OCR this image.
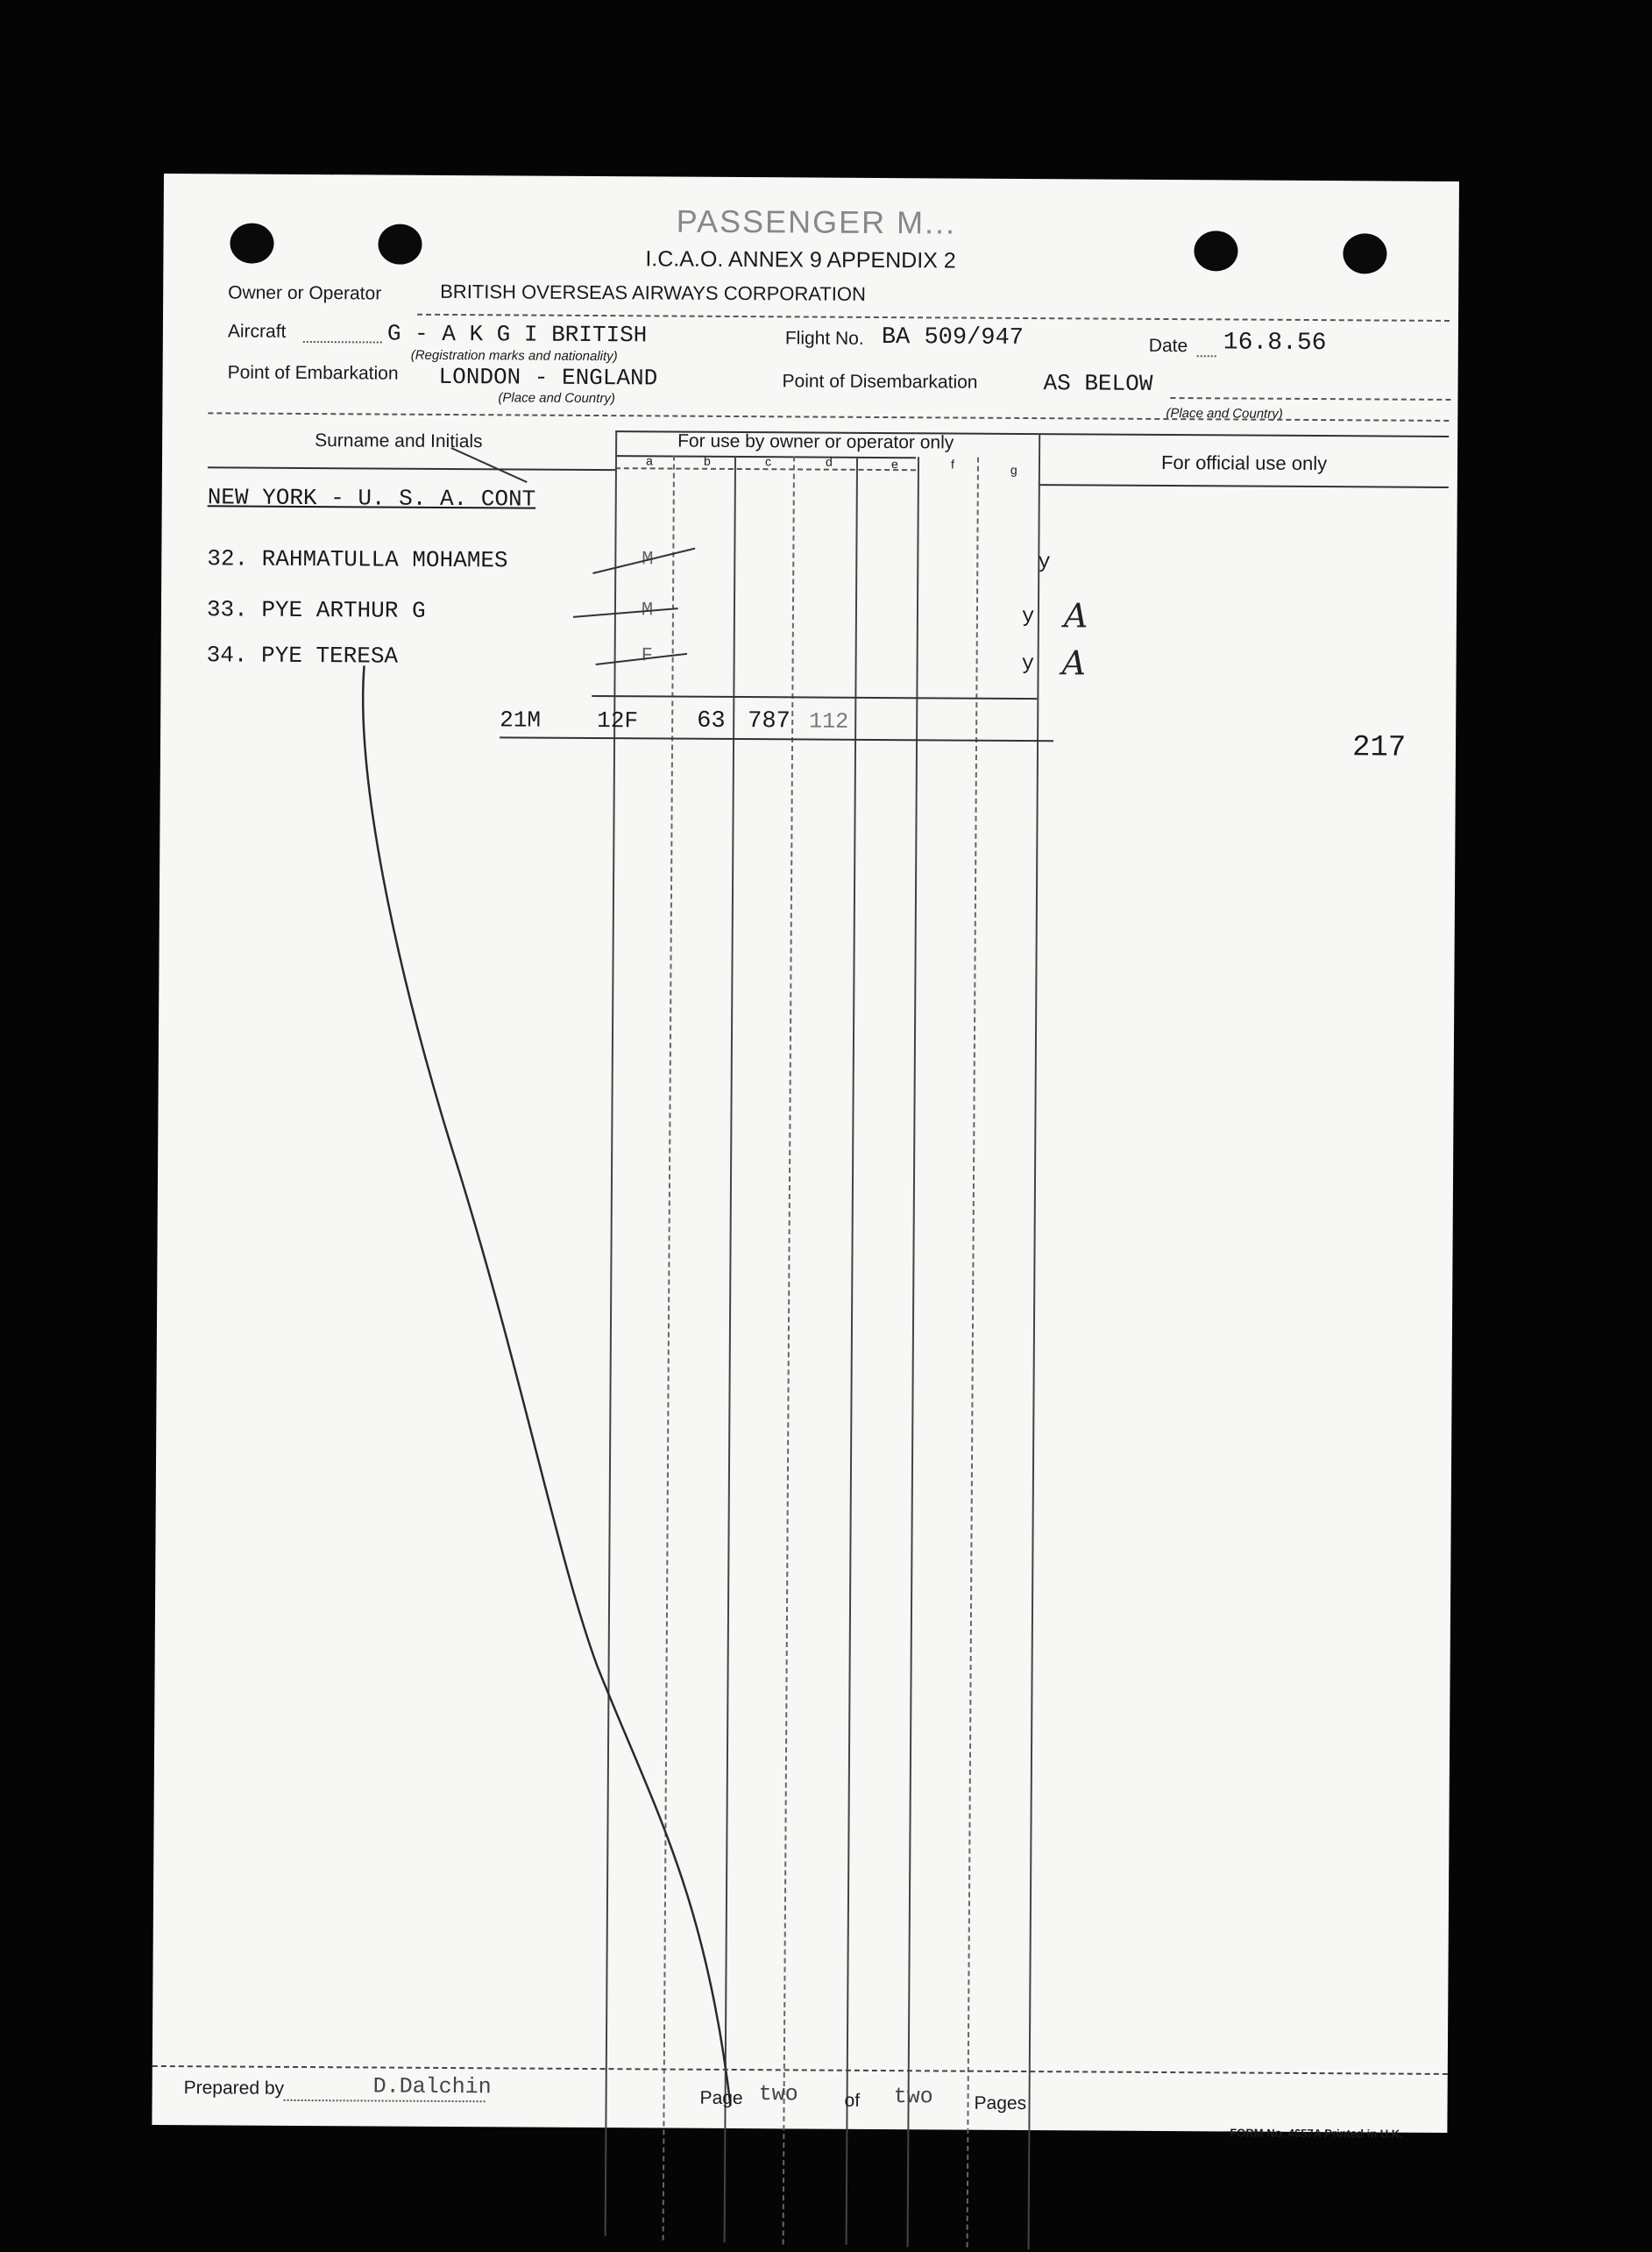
PASSENGER M...
I.C.A.O. ANNEX 9 APPENDIX 2
Owner or Operator	BRITISH OVERSEAS AIRWAYS CORPORATION
Aircraft	G - A K G I BRITISH
(Registration marks and nationality)
Flight No. BA 509/947	Date 16.8.56
Point of Embarkation LONDON - ENGLAND
(Place and Country)
Point of Disembarkation	AS BELOW
(Place and Country)
Surname and Initials	For use by owner or operator only
For official use only
a	b	c	d	e	f	g
NEW YORK - U. S. A. CONT
32. RAHMATULLA MOHAMES	M	y
33. PYE ARTHUR G	M	y A
34. PYE TERESA	F	y A
21M 12F 63 787 112
217
Prepared by	D.Dalchin	Page two	of two Pages
FORM No. 4657A Printed in U.K.
